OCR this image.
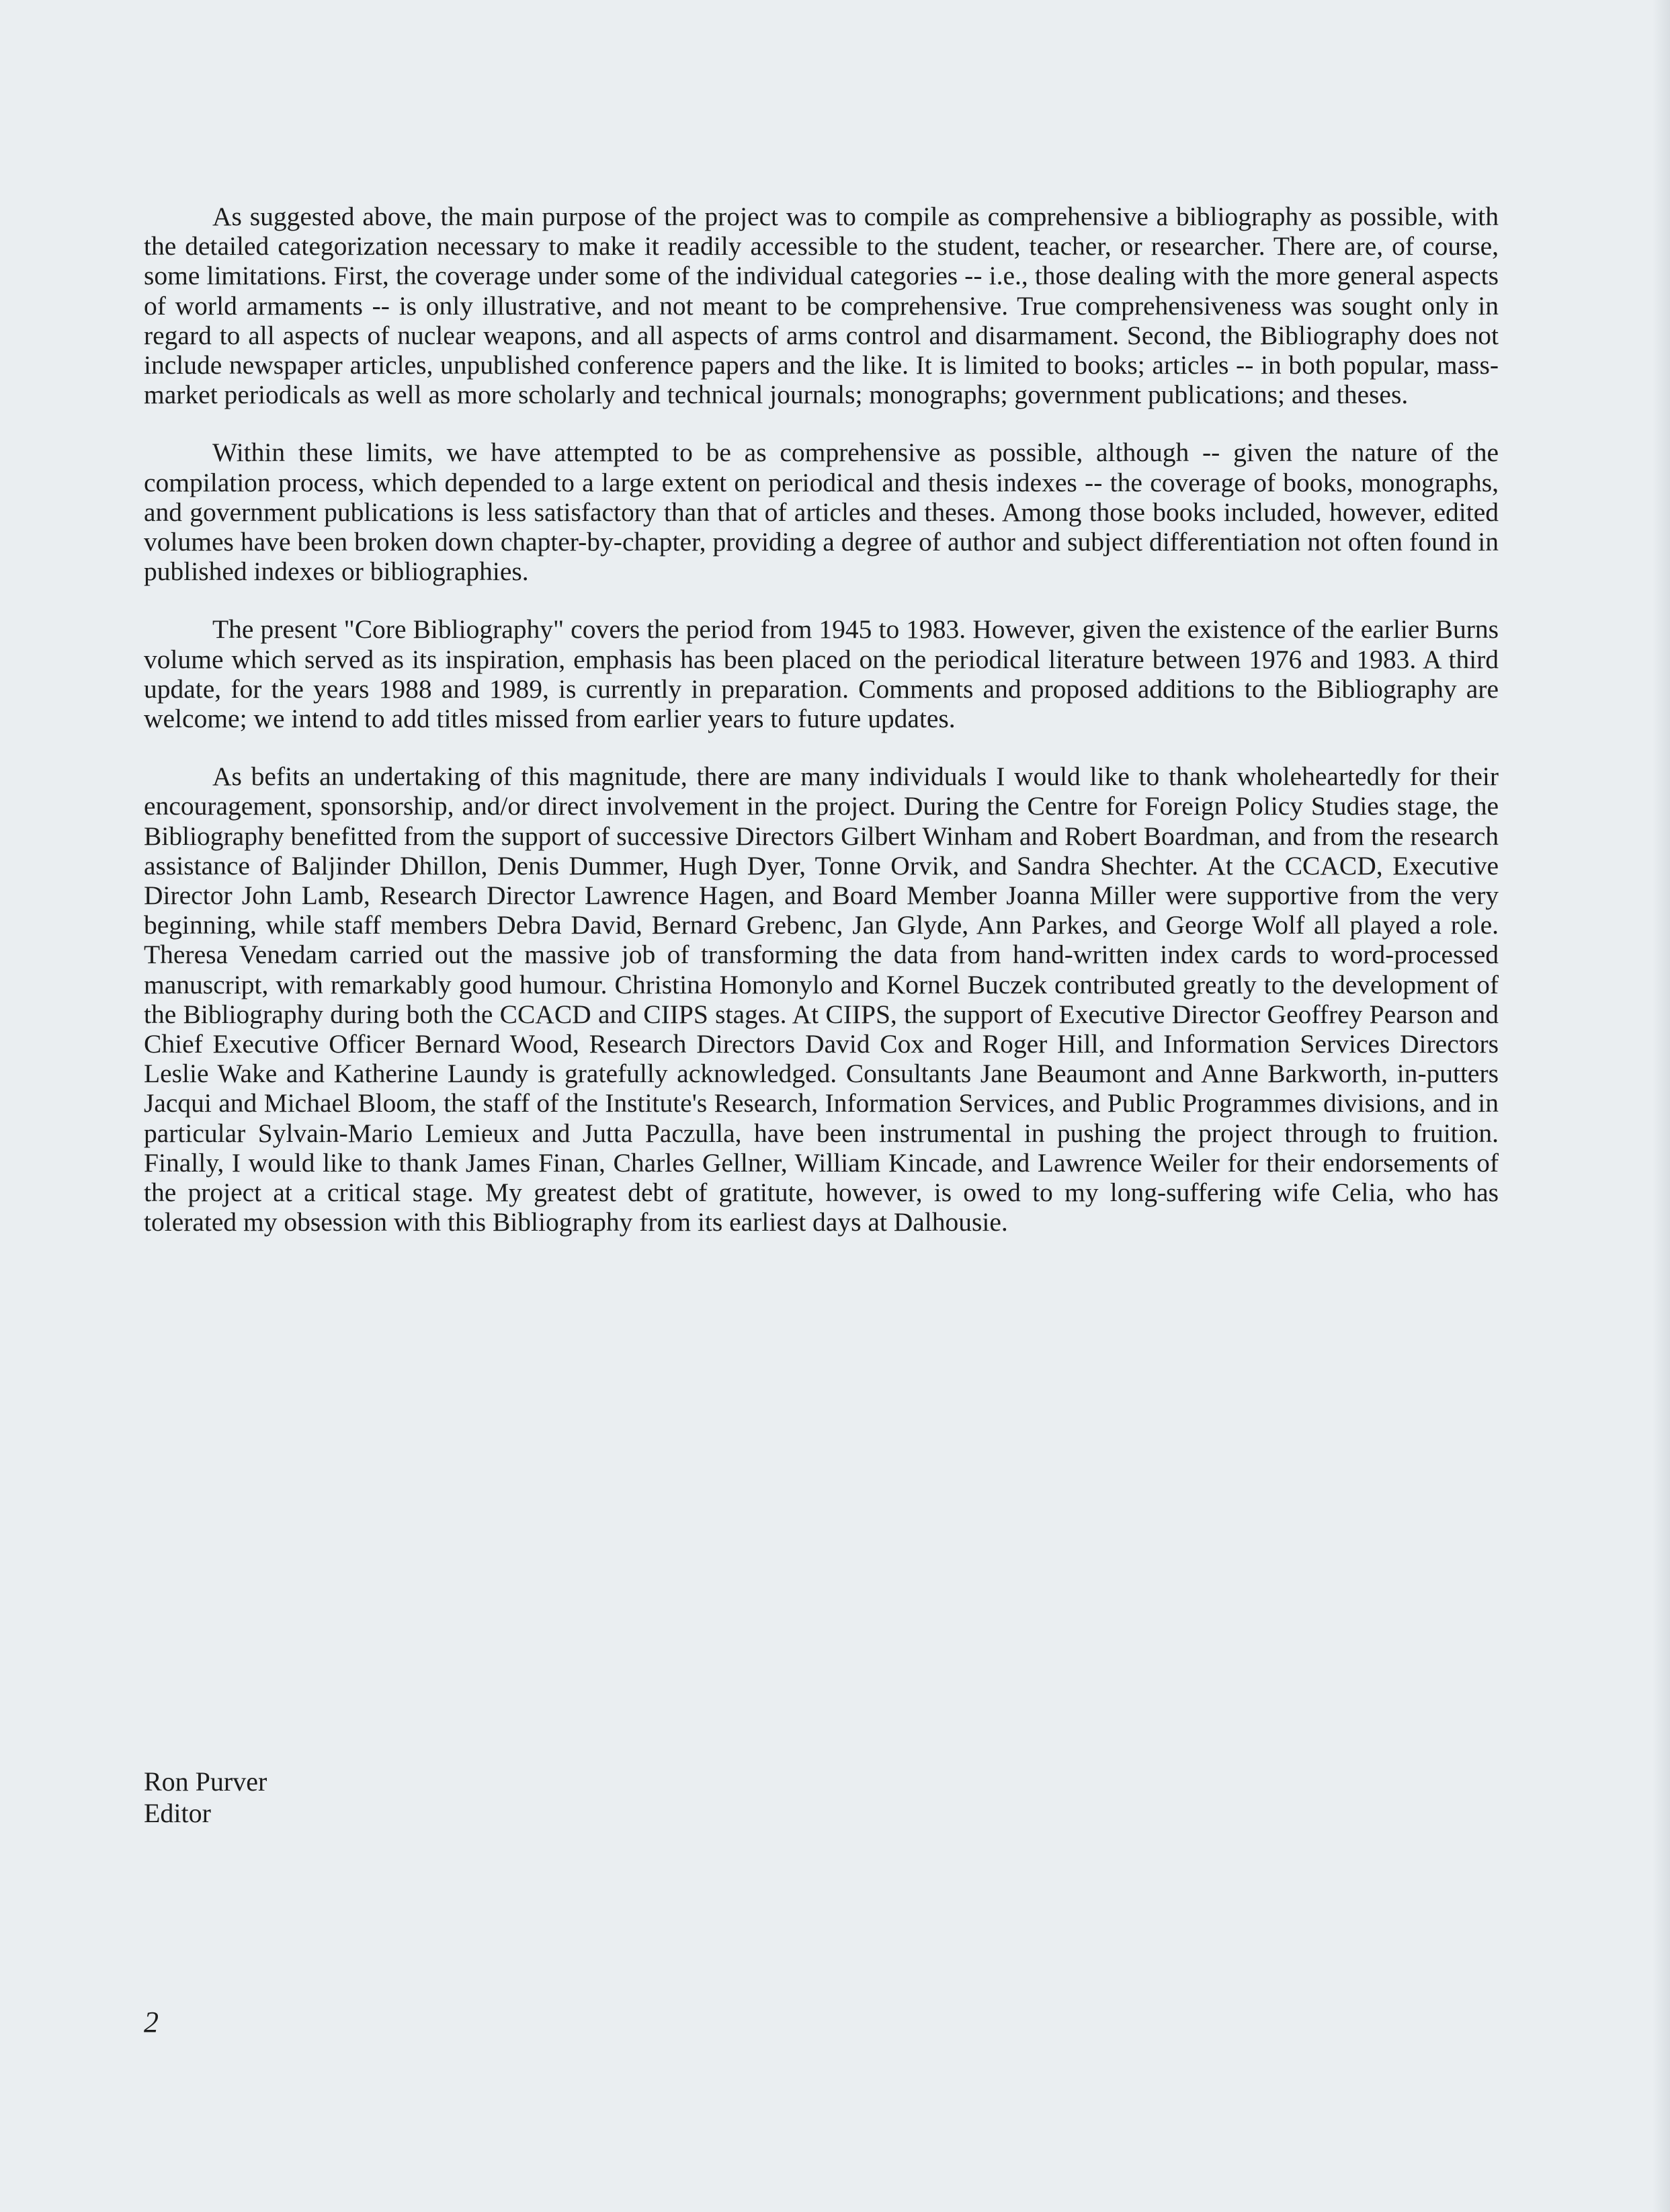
As suggested above, the main purpose of the project was to compile as comprehensive a bibliography as possible, with the detailed categorization necessary to make it readily accessible to the student, teacher, or researcher. There are, of course, some limitations. First, the coverage under some of the individual categories -- i.e., those dealing with the more general aspects of world armaments -- is only illustrative, and not meant to be comprehensive. True comprehensiveness was sought only in regard to all aspects of nuclear weapons, and all aspects of arms control and disarmament. Second, the Bibliography does not include newspaper articles, unpublished conference papers and the like. It is limited to books; articles -- in both popular, mass-market periodicals as well as more scholarly and technical journals; monographs; government publications; and theses.

Within these limits, we have attempted to be as comprehensive as possible, although -- given the nature of the compilation process, which depended to a large extent on periodical and thesis indexes -- the coverage of books, monographs, and government publications is less satisfactory than that of articles and theses. Among those books included, however, edited volumes have been broken down chapter-by-chapter, providing a degree of author and subject differentiation not often found in published indexes or bibliographies.

The present "Core Bibliography" covers the period from 1945 to 1983. However, given the existence of the earlier Burns volume which served as its inspiration, emphasis has been placed on the periodical literature between 1976 and 1983. A third update, for the years 1988 and 1989, is currently in preparation. Comments and proposed additions to the Bibliography are welcome; we intend to add titles missed from earlier years to future updates.

As befits an undertaking of this magnitude, there are many individuals I would like to thank wholeheartedly for their encouragement, sponsorship, and/or direct involvement in the project. During the Centre for Foreign Policy Studies stage, the Bibliography benefitted from the support of successive Directors Gilbert Winham and Robert Boardman, and from the research assistance of Baljinder Dhillon, Denis Dummer, Hugh Dyer, Tonne Orvik, and Sandra Shechter. At the CCACD, Executive Director John Lamb, Research Director Lawrence Hagen, and Board Member Joanna Miller were supportive from the very beginning, while staff members Debra David, Bernard Grebenc, Jan Glyde, Ann Parkes, and George Wolf all played a role. Theresa Venedam carried out the massive job of transforming the data from hand-written index cards to word-processed manuscript, with remarkably good humour. Christina Homonylo and Kornel Buczek contributed greatly to the development of the Bibliography during both the CCACD and CIIPS stages. At CIIPS, the support of Executive Director Geoffrey Pearson and Chief Executive Officer Bernard Wood, Research Directors David Cox and Roger Hill, and Information Services Directors Leslie Wake and Katherine Laundy is gratefully acknowledged. Consultants Jane Beaumont and Anne Barkworth, in-putters Jacqui and Michael Bloom, the staff of the Institute's Research, Information Services, and Public Programmes divisions, and in particular Sylvain-Mario Lemieux and Jutta Paczulla, have been instrumental in pushing the project through to fruition. Finally, I would like to thank James Finan, Charles Gellner, William Kincade, and Lawrence Weiler for their endorsements of the project at a critical stage. My greatest debt of gratitute, however, is owed to my long-suffering wife Celia, who has tolerated my obsession with this Bibliography from its earliest days at Dalhousie.

Ron Purver
Editor
2
